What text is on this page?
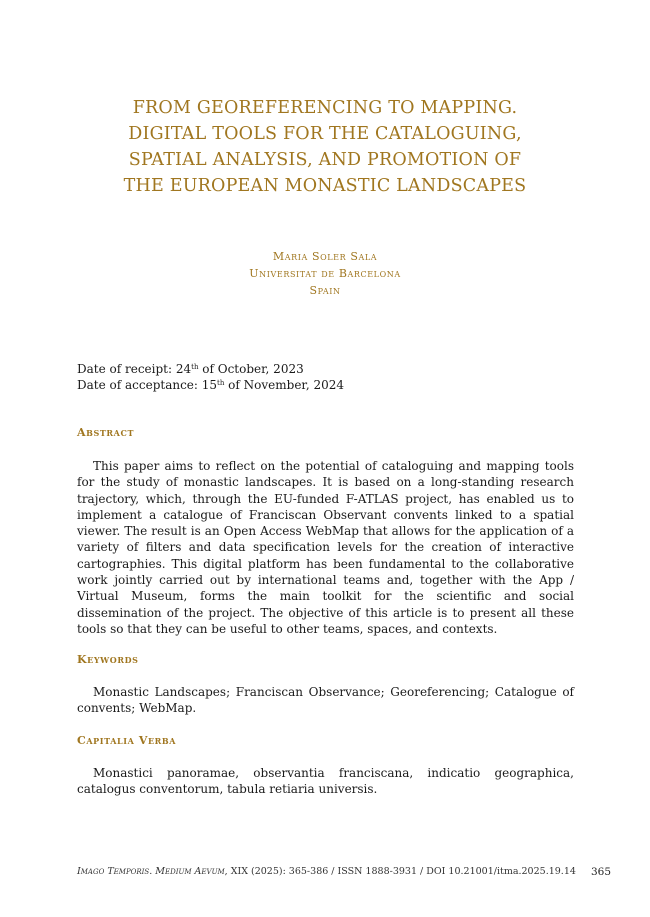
FROM GEOREFERENCING TO MAPPING.
DIGITAL TOOLS FOR THE CATALOGUING,
SPATIAL ANALYSIS, AND PROMOTION OF
THE EUROPEAN MONASTIC LANDSCAPES
Maria Soler Sala
Universitat de Barcelona
Spain
Date of receipt: 24th of October, 2023
Date of acceptance: 15th of November, 2024
Abstract

This paper aims to reflect on the potential of cataloguing and mapping tools for the study of monastic landscapes. It is based on a long-standing research trajectory, which, through the EU-funded F-ATLAS project, has enabled us to implement a catalogue of Franciscan Observant convents linked to a spatial viewer. The result is an Open Access WebMap that allows for the application of a variety of filters and data specification levels for the creation of interactive cartographies. This digital platform has been fundamental to the collaborative work jointly carried out by international teams and, together with the App / Virtual Museum, forms the main toolkit for the scientific and social dissemination of the project. The objective of this article is to present all these tools so that they can be useful to other teams, spaces, and contexts.

Keywords

Monastic Landscapes; Franciscan Observance; Georeferencing; Catalogue of convents; WebMap.

Capitalia Verba

Monastici panoramae, observantia franciscana, indicatio geographica, catalogus conventorum, tabula retiaria universis.

Imago Temporis. Medium Aevum, XIX (2025): 365-386 / ISSN 1888-3931 / DOI 10.21001/itma.2025.19.14 365
